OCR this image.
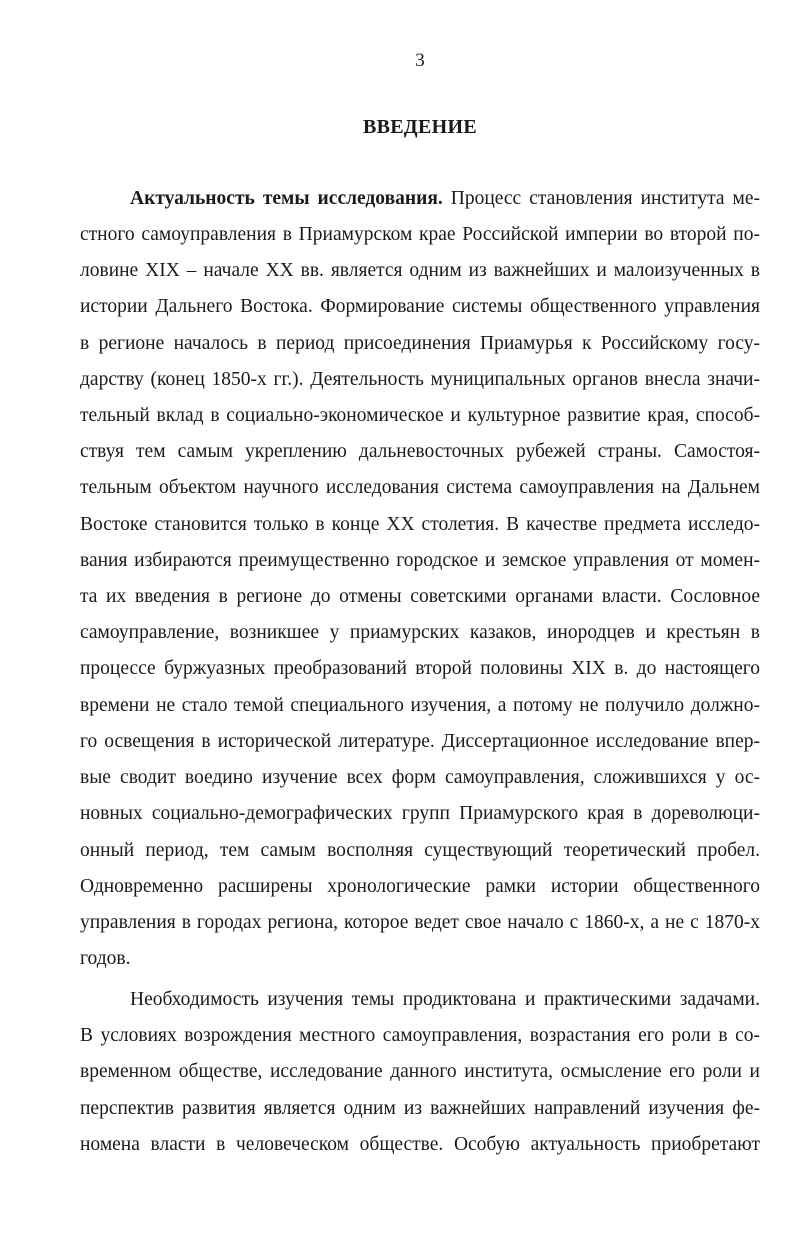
3
ВВЕДЕНИЕ
Актуальность темы исследования. Процесс становления института ме-
стного самоуправления в Приамурском крае Российской империи во второй по-
ловине XIX – начале XX вв. является одним из важнейших и малоизученных в
истории Дальнего Востока. Формирование системы общественного управления
в регионе началось в период присоединения Приамурья к Российскому госу-
дарству (конец 1850-х гг.). Деятельность муниципальных органов внесла значи-
тельный вклад в социально-экономическое и культурное развитие края, способ-
ствуя тем самым укреплению дальневосточных рубежей страны. Самостоя-
тельным объектом научного исследования система самоуправления на Дальнем
Востоке становится только в конце XX столетия. В качестве предмета исследо-
вания избираются преимущественно городское и земское управления от момен-
та их введения в регионе до отмены советскими органами власти. Сословное
самоуправление, возникшее у приамурских казаков, инородцев и крестьян в
процессе буржуазных преобразований второй половины XIX в. до настоящего
времени не стало темой специального изучения, а потому не получило должно-
го освещения в исторической литературе. Диссертационное исследование впер-
вые сводит воедино изучение всех форм самоуправления, сложившихся у ос-
новных социально-демографических групп Приамурского края в дореволюци-
онный период, тем самым восполняя существующий теоретический пробел.
Одновременно расширены хронологические рамки истории общественного
управления в городах региона, которое ведет свое начало с 1860-х, а не с 1870-х
годов.
Необходимость изучения темы продиктована и практическими задачами.
В условиях возрождения местного самоуправления, возрастания его роли в со-
временном обществе, исследование данного института, осмысление его роли и
перспектив развития является одним из важнейших направлений изучения фе-
номена власти в человеческом обществе. Особую актуальность приобретают
